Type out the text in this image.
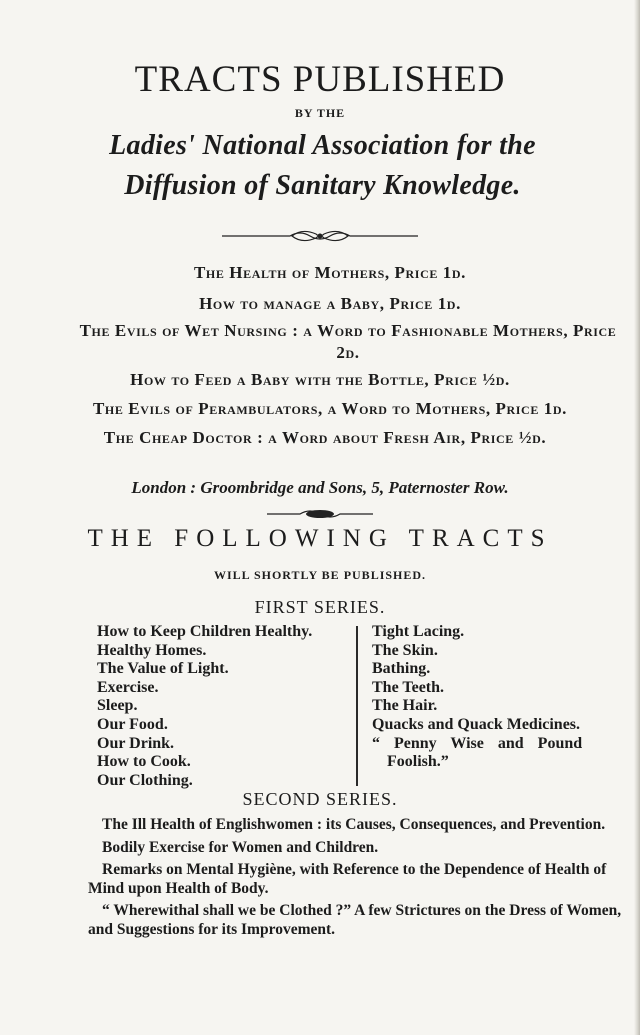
TRACTS PUBLISHED
BY THE
Ladies' National Association for the Diffusion of Sanitary Knowledge.

The Health of Mothers, Price 1d.

How to manage a Baby, Price 1d.

The Evils of Wet Nursing : a Word to Fashionable Mothers, Price 2d.

How to Feed a Baby with the Bottle, Price ½d.

The Evils of Perambulators, a Word to Mothers, Price 1d.

The Cheap Doctor : a Word about Fresh Air, Price ½d.

London : Groombridge and Sons, 5, Paternoster Row.
THE FOLLOWING TRACTS
WILL SHORTLY BE PUBLISHED.
FIRST SERIES.

How to Keep Children Healthy.

Healthy Homes.

The Value of Light.

Exercise.

Sleep.

Our Food.

Our Drink.

How to Cook.

Our Clothing.

Tight Lacing.

The Skin.

Bathing.

The Teeth.

The Hair.

Quacks and Quack Medicines.

“ Penny Wise and Pound

Foolish.”

SECOND SERIES.

The Ill Health of Englishwomen : its Causes, Consequences, and Prevention.

Bodily Exercise for Women and Children.

Remarks on Mental Hygiène, with Reference to the Dependence of Health of Mind upon Health of Body.

“ Wherewithal shall we be Clothed ?” A few Strictures on the Dress of Women, and Suggestions for its Improvement.
